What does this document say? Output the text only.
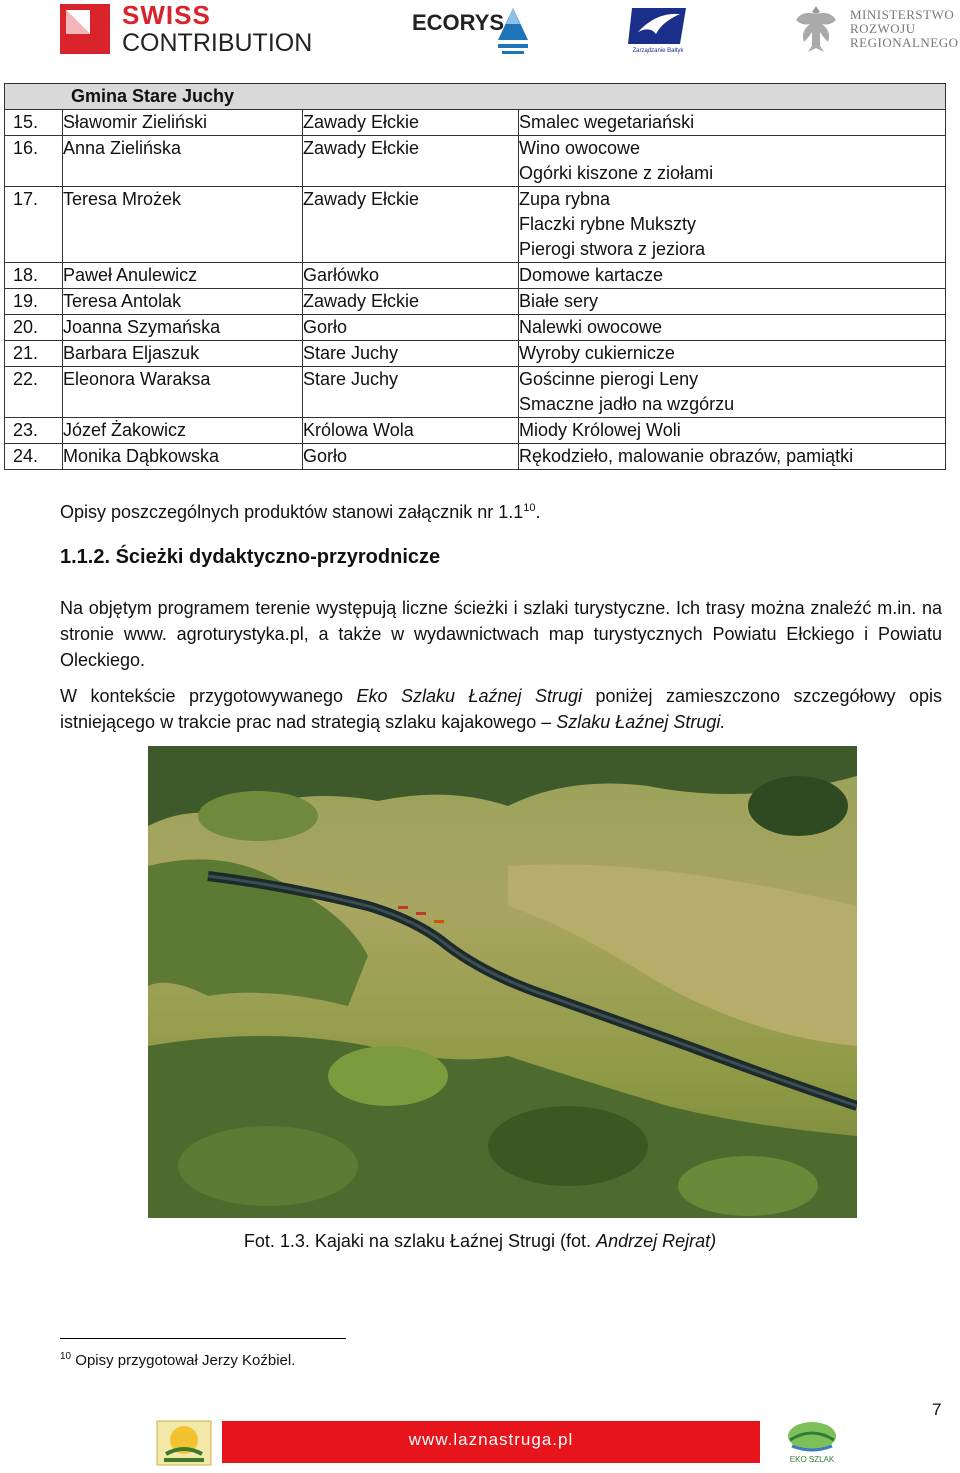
SWISS
CONTRIBUTION
ECORYS
Zarządzanie Bałtyk
MINISTERSTWO
ROZWOJU
REGIONALNEGO
Gmina Stare Juchy			
15.	Sławomir Zieliński	Zawady Ełckie	Smalec wegetariański

16.	Anna Zielińska	Zawady Ełckie	Wino owocowe
Ogórki kiszone z ziołami

17.	Teresa Mrożek	Zawady Ełckie	Zupa rybna
Flaczki rybne Mukszty
Pierogi stwora z jeziora

18.	Paweł Anulewicz	Garłówko	Domowe kartacze

19.	Teresa Antolak	Zawady Ełckie	Białe sery

20.	Joanna Szymańska	Gorło	Nalewki owocowe

21.	Barbara Eljaszuk	Stare Juchy	Wyroby cukiernicze

22.	Eleonora Waraksa	Stare Juchy	Gościnne pierogi Leny
Smaczne jadło na wzgórzu

23.	Józef Żakowicz	Królowa Wola	Miody Królowej Woli

24.	Monika Dąbkowska	Gorło	Rękodzieło, malowanie obrazów, pamiątki
Opisy poszczególnych produktów stanowi załącznik nr $1.1^{10}$.
1.1.2. Ścieżki dydaktyczno-przyrodnicze
Na objętym programem terenie występują liczne ścieżki i szlaki turystyczne. Ich trasy można znaleźć m.in. na stronie www. agroturystyka.pl, a także w wydawnictwach map turystycznych Powiatu Ełckiego i Powiatu Oleckiego.
W kontekście przygotowywanego Eko Szlaku Łaźnej Strugi poniżej zamieszczono szczegółowy opis istniejącego w trakcie prac nad strategią szlaku kajakowego – Szlaku Łaźnej Strugi.
Fot. 1.3. Kajaki na szlaku Łaźnej Strugi (fot. Andrzej Rejrat)
$^{10}$ Opisy przygotował Jerzy Koźbiel.
7
www.laznastruga.pl
EKO SZLAK
